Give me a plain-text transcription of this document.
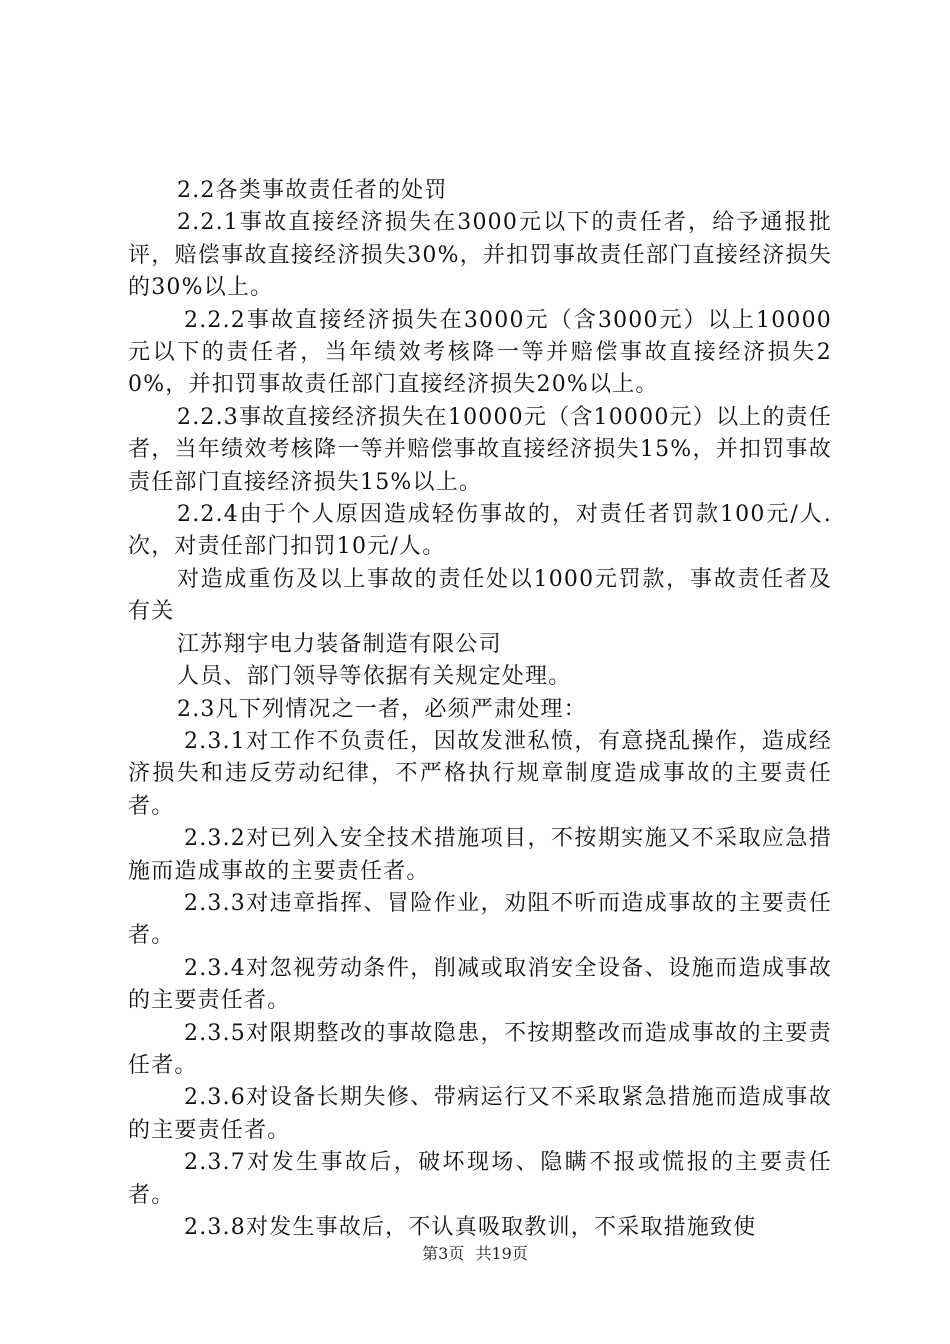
2.2各类事故责任者的处罚

2.2.1事故直接经济损失在3000元以下的责任者，给予通报批评，赔偿事故直接经济损失30%，并扣罚事故责任部门直接经济损失的30%以上。

2.2.2事故直接经济损失在3000元（含3000元）以上10000元以下的责任者，当年绩效考核降一等并赔偿事故直接经济损失20%，并扣罚事故责任部门直接经济损失20%以上。

2.2.3事故直接经济损失在10000元（含10000元）以上的责任者，当年绩效考核降一等并赔偿事故直接经济损失15%，并扣罚事故责任部门直接经济损失15%以上。

2.2.4由于个人原因造成轻伤事故的，对责任者罚款100元/人.次，对责任部门扣罚10元/人。

对造成重伤及以上事故的责任处以1000元罚款，事故责任者及有关

江苏翔宇电力装备制造有限公司

人员、部门领导等依据有关规定处理。

2.3凡下列情况之一者，必须严肃处理：

2.3.1对工作不负责任，因故发泄私愤，有意挠乱操作，造成经济损失和违反劳动纪律，不严格执行规章制度造成事故的主要责任者。

2.3.2对已列入安全技术措施项目，不按期实施又不采取应急措施而造成事故的主要责任者。

2.3.3对违章指挥、冒险作业，劝阻不听而造成事故的主要责任者。

2.3.4对忽视劳动条件，削减或取消安全设备、设施而造成事故的主要责任者。

2.3.5对限期整改的事故隐患，不按期整改而造成事故的主要责任者。

2.3.6对设备长期失修、带病运行又不采取紧急措施而造成事故的主要责任者。

2.3.7对发生事故后，破坏现场、隐瞒不报或慌报的主要责任者。

2.3.8对发生事故后，不认真吸取教训，不采取措施致使

第3页 共19页
